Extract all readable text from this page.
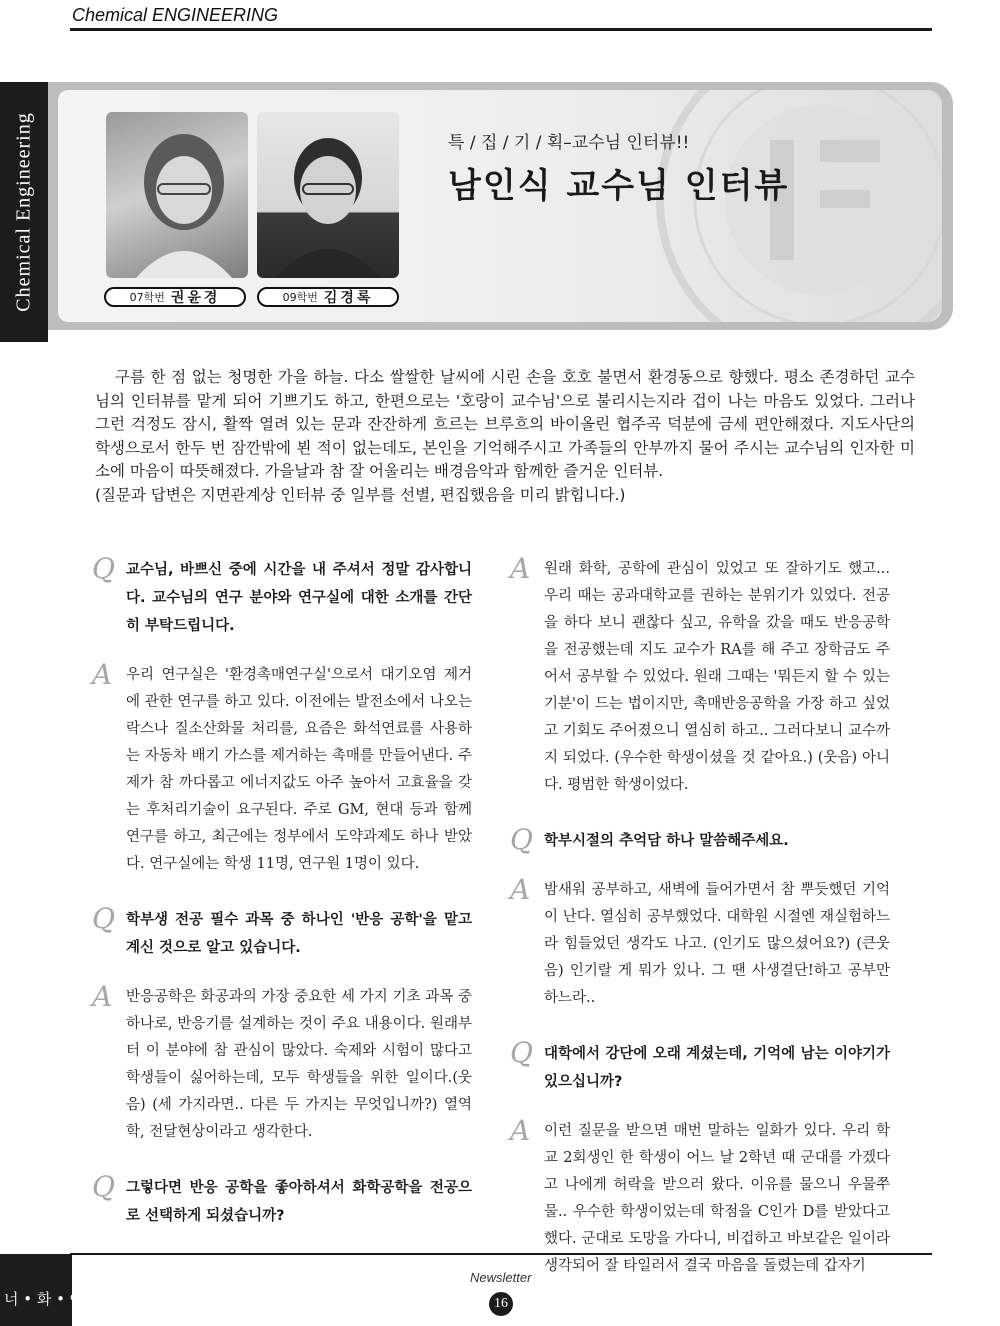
Chemical ENGINEERING
Chemical Engineering	07학번 권윤경	09학번 김경록
특 / 집 / 기 / 획–교수님 인터뷰!!
남인식 교수님 인터뷰

구름 한 점 없는 청명한 가을 하늘. 다소 쌀쌀한 날씨에 시린 손을 호호 불면서 환경동으로 향했다. 평소 존경하던 교수님의 인터뷰를 맡게 되어 기쁘기도 하고, 한편으로는 '호랑이 교수님'으로 불리시는지라 겁이 나는 마음도 있었다. 그러나 그런 걱정도 잠시, 활짝 열려 있는 문과 잔잔하게 흐르는 브루흐의 바이올린 협주곡 덕분에 금세 편안해졌다. 지도사단의 학생으로서 한두 번 잠깐밖에 뵌 적이 없는데도, 본인을 기억해주시고 가족들의 안부까지 물어 주시는 교수님의 인자한 미소에 마음이 따뜻해졌다. 가을날과 참 잘 어울리는 배경음악과 함께한 즐거운 인터뷰.

(질문과 답변은 지면관계상 인터뷰 중 일부를 선별, 편집했음을 미리 밝힙니다.)

Q 교수님, 바쁘신 중에 시간을 내 주셔서 정말 감사합니다. 교수님의 연구 분야와 연구실에 대한 소개를 간단히 부탁드립니다.

A 우리 연구실은 '환경촉매연구실'으로서 대기오염 제거에 관한 연구를 하고 있다. 이전에는 발전소에서 나오는 락스나 질소산화물 처리를, 요즘은 화석연료를 사용하는 자동차 배기 가스를 제거하는 촉매를 만들어낸다. 주제가 참 까다롭고 에너지값도 아주 높아서 고효율을 갖는 후처리기술이 요구된다. 주로 GM, 현대 등과 함께 연구를 하고, 최근에는 정부에서 도약과제도 하나 받았다. 연구실에는 학생 11명, 연구원 1명이 있다.

Q 학부생 전공 필수 과목 중 하나인 '반응 공학'을 맡고 계신 것으로 알고 있습니다.

A 반응공학은 화공과의 가장 중요한 세 가지 기초 과목 중 하나로, 반응기를 설계하는 것이 주요 내용이다. 원래부터 이 분야에 참 관심이 많았다. 숙제와 시험이 많다고 학생들이 싫어하는데, 모두 학생들을 위한 일이다.(웃음) (세 가지라면.. 다른 두 가지는 무엇입니까?) 열역학, 전달현상이라고 생각한다.

Q 그렇다면 반응 공학을 좋아하셔서 화학공학을 전공으로 선택하게 되셨습니까?

A 원래 화학, 공학에 관심이 있었고 또 잘하기도 했고... 우리 때는 공과대학교를 권하는 분위기가 있었다. 전공을 하다 보니 괜찮다 싶고, 유학을 갔을 때도 반응공학을 전공했는데 지도 교수가 RA를 해 주고 장학금도 주어서 공부할 수 있었다. 원래 그때는 '뭐든지 할 수 있는 기분'이 드는 법이지만, 촉매반응공학을 가장 하고 싶었고 기회도 주어졌으니 열심히 하고.. 그러다보니 교수까지 되었다. (우수한 학생이셨을 것 같아요.) (웃음) 아니다. 평범한 학생이었다.

Q 학부시절의 추억담 하나 말씀해주세요.

A 밤새워 공부하고, 새벽에 들어가면서 참 뿌듯했던 기억이 난다. 열심히 공부했었다. 대학원 시절엔 재실험하느라 힘들었던 생각도 나고. (인기도 많으셨어요?) (큰웃음) 인기랄 게 뭐가 있나. 그 땐 사생결단!하고 공부만 하느라..

Q 대학에서 강단에 오래 계셨는데, 기억에 남는 이야기가 있으십니까?

A 이런 질문을 받으면 매번 말하는 일화가 있다. 우리 학교 2회생인 한 학생이 어느 날 2학년 때 군대를 가겠다고 나에게 허락을 받으러 왔다. 이유를 물으니 우물쭈물.. 우수한 학생이었는데 학점을 C인가 D를 받았다고 했다. 군대로 도망을 가다니, 비겁하고 바보같은 일이라 생각되어 잘 타일러서 결국 마음을 돌렸는데 갑자기

너 • 화 • 아
Newsletter
16
